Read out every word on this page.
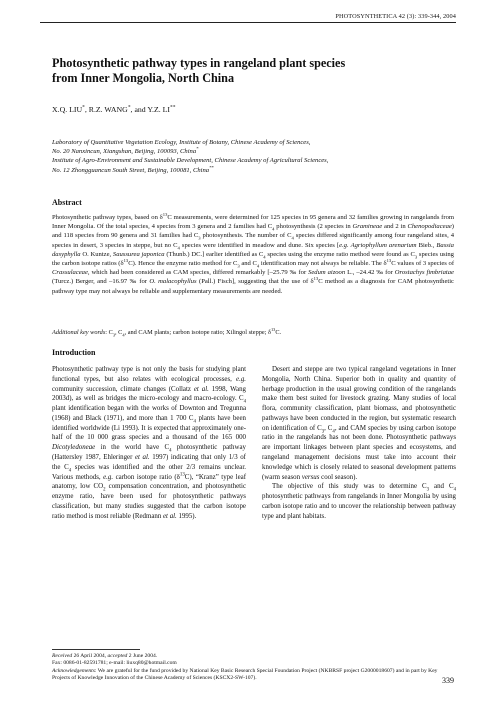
PHOTOSYNTHETICA 42 (3): 339-344, 2004
Photosynthetic pathway types in rangeland plant species
from Inner Mongolia, North China
X.Q. LIU*, R.Z. WANG*, and Y.Z. LI**
Laboratory of Quantitative Vegetation Ecology, Institute of Botany, Chinese Academy of Sciences,
No. 20 Nanxincun, Xiangshan, Beijing, 100093, China*
Institute of Agro-Environment and Sustainable Development, Chinese Academy of Agricultural Sciences,
No. 12 Zhongguancun South Street, Beijing, 100081, China**
Abstract
Photosynthetic pathway types, based on $\delta^{13}C$ measurements, were determined for 125 species in 95 genera and 32 families growing in rangelands from Inner Mongolia. Of the total species, 4 species from 3 genera and 2 families had $C_4$ photosynthesis (2 species in Gramineae and 2 in Chenopodiaceae) and 118 species from 90 genera and 31 families had $C_3$ photosynthesis. The number of $C_4$ species differed significantly among four rangeland sites, 4 species in desert, 3 species in steppe, but no $C_4$ species were identified in meadow and dune. Six species [e.g. Agriophyllum arenarium Bieb., Bassia dasyphylla O. Kuntze, Saussurea japonica (Thunb.) DC.] earlier identified as $C_4$ species using the enzyme ratio method were found as $C_3$ species using the carbon isotope ratios $(\delta^{13}C)$. Hence the enzyme ratio method for $C_3$ and $C_4$ identification may not always be reliable. The $\delta^{13}C$ values of 3 species of Crassulaceae, which had been considered as CAM species, differed remarkably [–25.79 ‰ for Sedum aizoon L., –24.42 ‰ for Orostachys fimbriatae (Turcz.) Berger, and –16.97 ‰ for O. malacophyllus (Pall.) Fisch], suggesting that the use of $\delta^{13}C$ method as a diagnosis for CAM photosynthetic pathway type may not always be reliable and supplementary measurements are needed.
Additional key words: $C_3$, $C_4$, and CAM plants; carbon isotope ratio; Xilingol steppe; $\delta^{13}C$.
Introduction

Photosynthetic pathway type is not only the basis for studying plant functional types, but also relates with ecological processes, e.g. community succession, climate changes (Collatz et al. 1998, Wang 2003d), as well as bridges the micro-ecology and macro-ecology. $C_4$ plant identification began with the works of Downton and Tregunna (1968) and Black (1971), and more than 1 700 $C_4$ plants have been identified worldwide (Li 1993). It is expected that approximately one-half of the 10 000 grass species and a thousand of the 165 000 Dicotyledoneae in the world have $C_4$ photosynthetic pathway (Hattersley 1987, Ehleringer et al. 1997) indicating that only 1/3 of the $C_4$ species was identified and the other 2/3 remains unclear. Various methods, e.g. carbon isotope ratio $(\delta^{13}C)$, “Kranz” type leaf anatomy, low $CO_2$ compensation concentration, and photosynthetic enzyme ratio, have been used for photosynthetic pathways classification, but many studies suggested that the carbon isotope ratio method is most reliable (Redmann et al. 1995).

Desert and steppe are two typical rangeland vegetations in Inner Mongolia, North China. Superior both in quality and quantity of herbage production in the usual growing condition of the rangelands make them best suited for livestock grazing. Many studies of local flora, community classification, plant biomass, and photosynthetic pathways have been conducted in the region, but systematic research on identification of $C_3$, $C_4$, and CAM species by using carbon isotope ratio in the rangelands has not been done. Photosynthetic pathways are important linkages between plant species and ecosystems, and rangeland management decisions must take into account their knowledge which is closely related to seasonal development patterns (warm season versus cool season).

The objective of this study was to determine $C_3$ and $C_4$ photosynthetic pathways from rangelands in Inner Mongolia by using carbon isotope ratio and to uncover the relationship between pathway type and plant habitats.

Received 26 April 2004, accepted 2 June 2004.
Fax: 0086-01-82591781; e-mail: liuxq80@hotmail.com
Acknowledgements: We are grateful for the fund provided by National Key Basic Research Special Foundation Project (NKBRSF project G2000018607) and in part by Key Projects of Knowledge Innovation of the Chinese Academy of Sciences (KSCX2-SW-107).	339
